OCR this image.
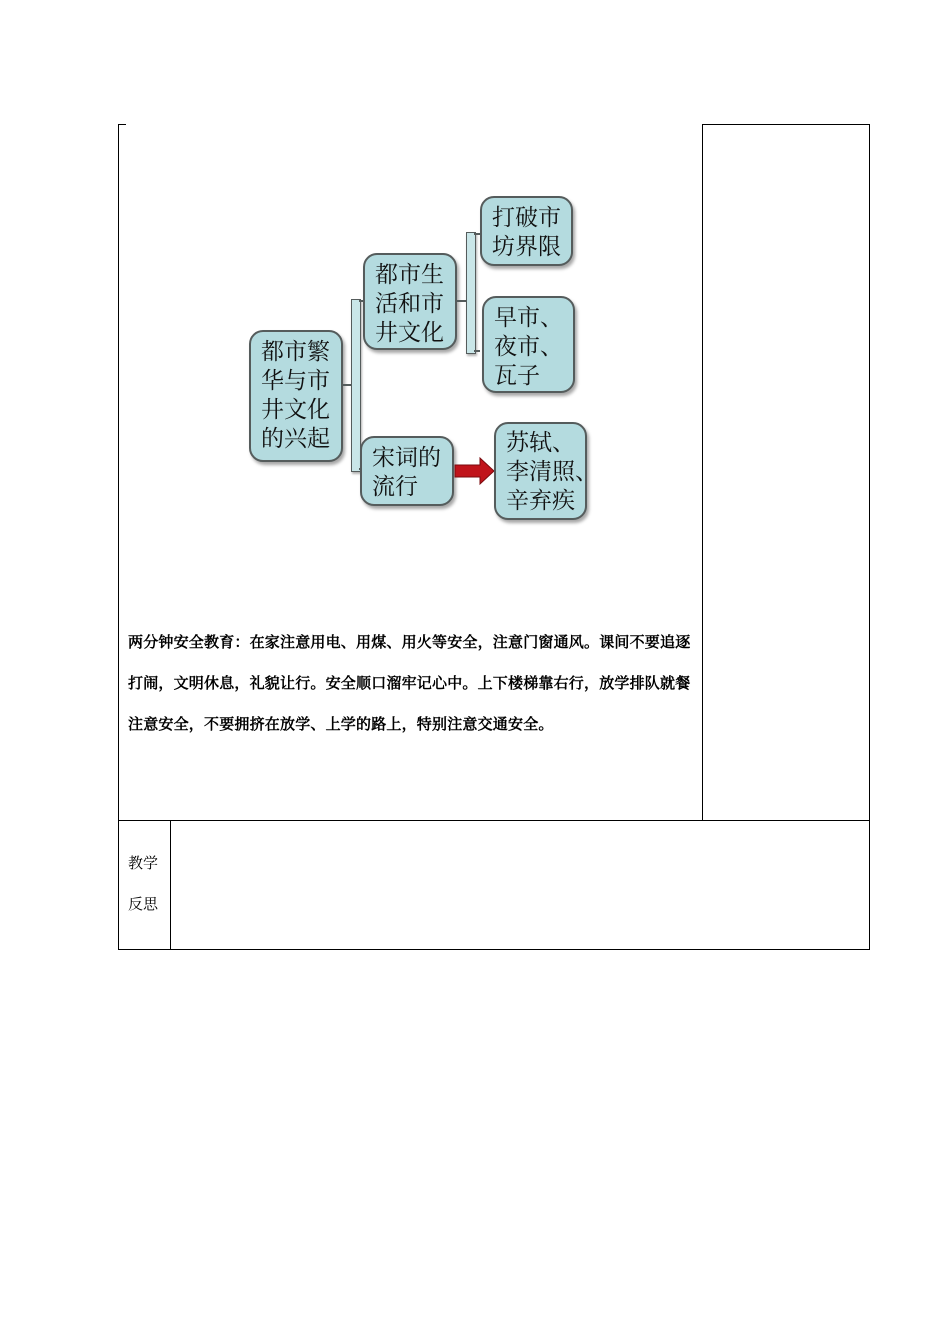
都市繁
华与市
井文化
的兴起
都市生
活和市
井文化
宋词的
流行
打破市
坊界限
早市、
夜市、
瓦子
苏轼、
李清照、
辛弃疾
两分钟安全教育：在家注意用电、用煤、用火等安全，注意门窗通风。课间不要追逐打闹，文明休息，礼貌让行。安全顺口溜牢记心中。上下楼梯靠右行，放学排队就餐注意安全，不要拥挤在放学、上学的路上，特别注意交通安全。
教学
反思
